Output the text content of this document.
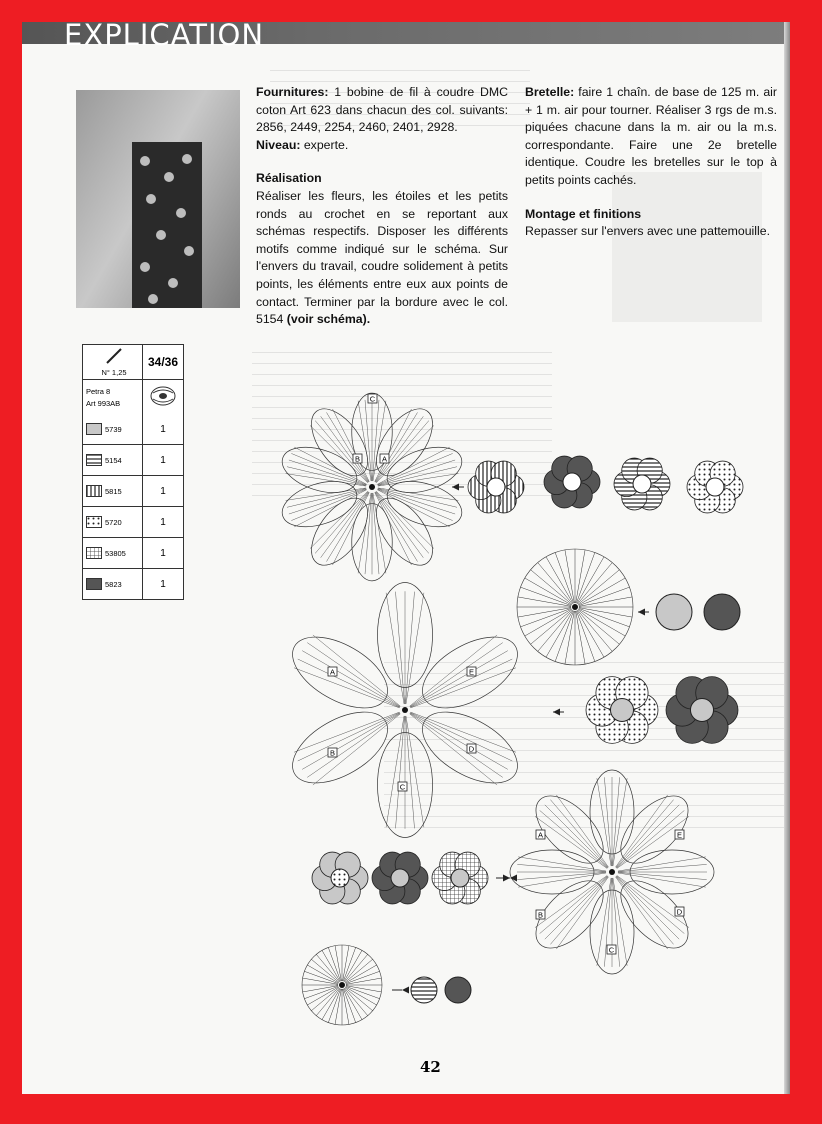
EXPLICATION

Fournitures: 1 bobine de fil à coudre DMC coton Art 623 dans chacun des col. suivants: 2856, 2449, 2254, 2460, 2401, 2928.

Niveau: experte.

Réalisation

Réaliser les fleurs, les étoiles et les petits ronds au crochet en se reportant aux schémas respectifs. Disposer les différents motifs comme indiqué sur le schéma. Sur l'envers du travail, coudre solidement à petits points, les éléments entre eux aux points de contact. Terminer par la bordure avec le col. 5154 (voir schéma).

Bretelle: faire 1 chaîn. de base de 125 m. air + 1 m. air pour tourner. Réaliser 3 rgs de m.s. piquées chacune dans la m. air ou la m.s. correspondante. Faire une 2e bretelle identique. Coudre les bretelles sur le top à petits points cachés.

Montage et finitions

Repasser sur l'envers avec une pattemouille.

N° 1,25
34/36
Petra 8
Art 993AB
5739	1
5154	1
5815	1
5720	1
53805	1
5823	1
42
C
B	A
A	E
B	D
C
A	E
B	D
C
